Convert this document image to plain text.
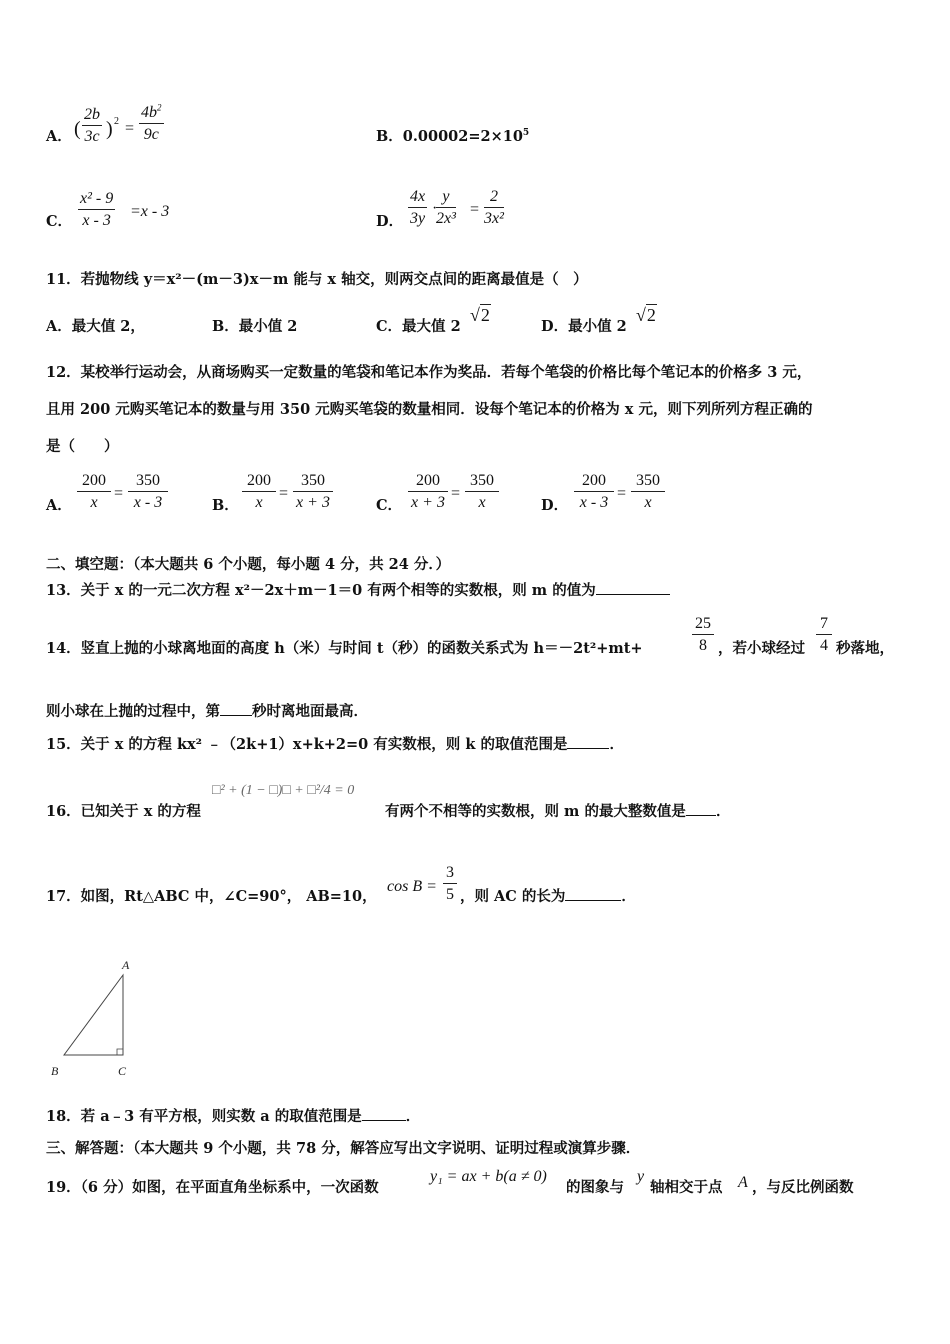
A． ( $\frac{2b}{3c}$ ) $2 = \frac{4b^2}{9c}$	B．$0.00002=2\times 10^5$
C． $\frac{\text{x² - 9}}{x - 3} =x - 3$
D． $\frac{4x}{3y}$ ·
$\frac{y}{\text{2x³}} = \frac{2}{\text{3x²}}$
11．若抛物线 y＝x²－(m－3)x－m 能与 x 轴交，则两交点间的距离最值是（　）
A．最大值 2，	B．最小值 2	C．最大值 2
√2
D．最小值 2
√2
12．某校举行运动会，从商场购买一定数量的笔袋和笔记本作为奖品．若每个笔袋的价格比每个笔记本的价格多 3 元，
且用 200 元购买笔记本的数量与用 350 元购买笔袋的数量相同．设每个笔记本的价格为 x 元，则下列所列方程正确的
是（　　）
A． $\frac{200}{x} = \frac{350}{x - 3}$	B． $\frac{200}{x} = \frac{350}{x + 3}$	C． $\frac{200}{x + 3} = \frac{350}{x}$	D． $\frac{200}{x - 3} = \frac{350}{x}$
二、填空题：（本大题共 6 个小题，每小题 4 分，共 24 分．）
13．关于 x 的一元二次方程 x²－2x＋m－1＝0 有两个相等的实数根，则 m 的值为
14．竖直上抛的小球离地面的高度 h（米）与时间 t（秒）的函数关系式为 h＝－2t²+mt+	$\frac{25}{8}$ ，若小球经过 $\frac{7}{4}$ 秒落地，
则小球在上抛的过程中，第 秒时离地面最高．
15．关于 x 的方程 kx² ﹣（2k+1）x+k+2=0 有实数根，则 k 的取值范围是	．
16．已知关于 x 的方程
□² + (1 − □)□ + □²/4 = 0
有两个不相等的实数根，则 m 的最大整数值是 ．
17．如图，Rt△ABC 中，∠C=90°， AB=10，
$\cos B = \frac{3}{5}$ ，则 AC 的长为	．
A
B	C
18．若 a﹣3 有平方根，则实数 a 的取值范围是	．
三、解答题：（本大题共 9 个小题，共 78 分，解答应写出文字说明、证明过程或演算步骤．
19．（6 分）如图，在平面直角坐标系中，一次函数
y₁ = ax + b(a ≠ 0)
的图象与
y
轴相交于点 A ，与反比例函数
